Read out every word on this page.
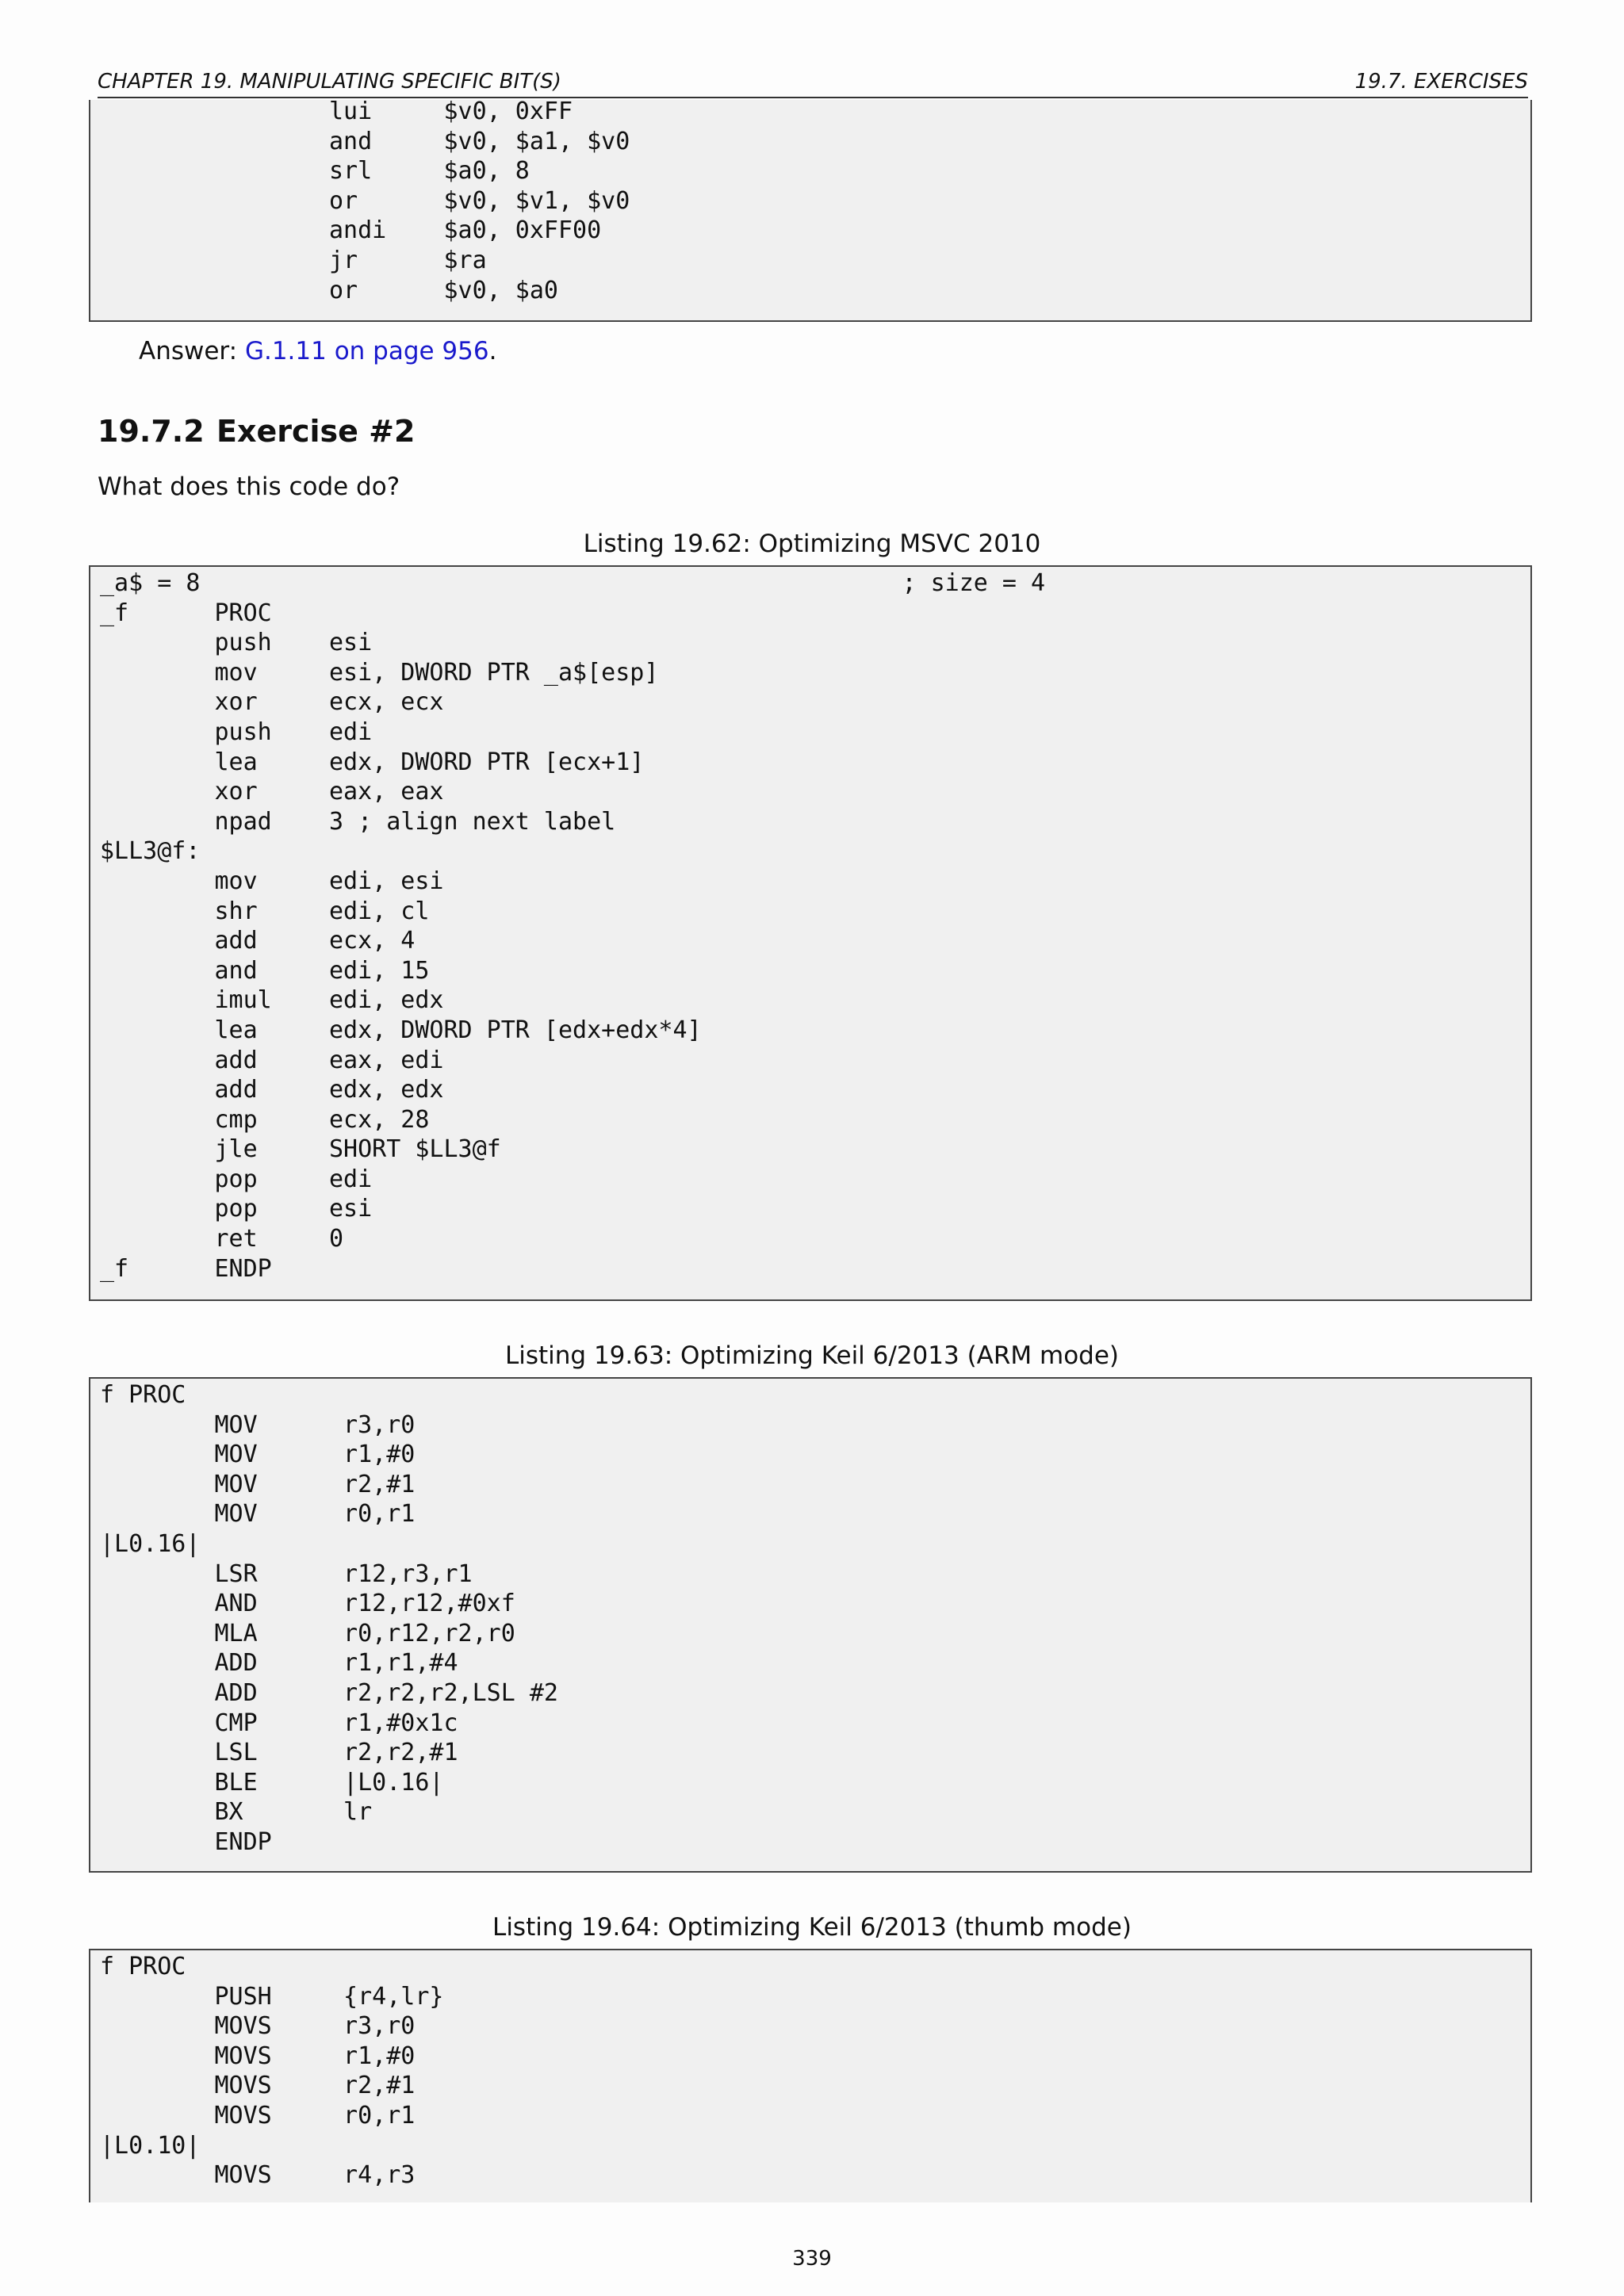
CHAPTER 19. MANIPULATING SPECIFIC BIT(S)	19.7. EXERCISES
lui     $v0, 0xFF
and     $v0, $a1, $v0
srl     $a0, 8
or      $v0, $v1, $v0
andi    $a0, 0xFF00
jr      $ra
or      $v0, $a0
Answer: G.1.11 on page 956.
19.7.2 Exercise #2
What does this code do?
Listing 19.62: Optimizing MSVC 2010
_a$ = 8                                                 ; size = 4
_f      PROC
push    esi
mov     esi, DWORD PTR _a$[esp]
xor     ecx, ecx
push    edi
lea     edx, DWORD PTR [ecx+1]
xor     eax, eax
npad    3 ; align next label
$LL3@f:
mov     edi, esi
shr     edi, cl
add     ecx, 4
and     edi, 15
imul    edi, edx
lea     edx, DWORD PTR [edx+edx*4]
add     eax, edi
add     edx, edx
cmp     ecx, 28
jle     SHORT $LL3@f
pop     edi
pop     esi
ret     0
_f      ENDP
Listing 19.63: Optimizing Keil 6/2013 (ARM mode)
f PROC
MOV      r3,r0
MOV      r1,#0
MOV      r2,#1
MOV      r0,r1
|L0.16|
LSR      r12,r3,r1
AND      r12,r12,#0xf
MLA      r0,r12,r2,r0
ADD      r1,r1,#4
ADD      r2,r2,r2,LSL #2
CMP      r1,#0x1c
LSL      r2,r2,#1
BLE      |L0.16|
BX       lr
ENDP
Listing 19.64: Optimizing Keil 6/2013 (thumb mode)
f PROC
PUSH     {r4,lr}
MOVS     r3,r0
MOVS     r1,#0
MOVS     r2,#1
MOVS     r0,r1
|L0.10|
MOVS     r4,r3
339
